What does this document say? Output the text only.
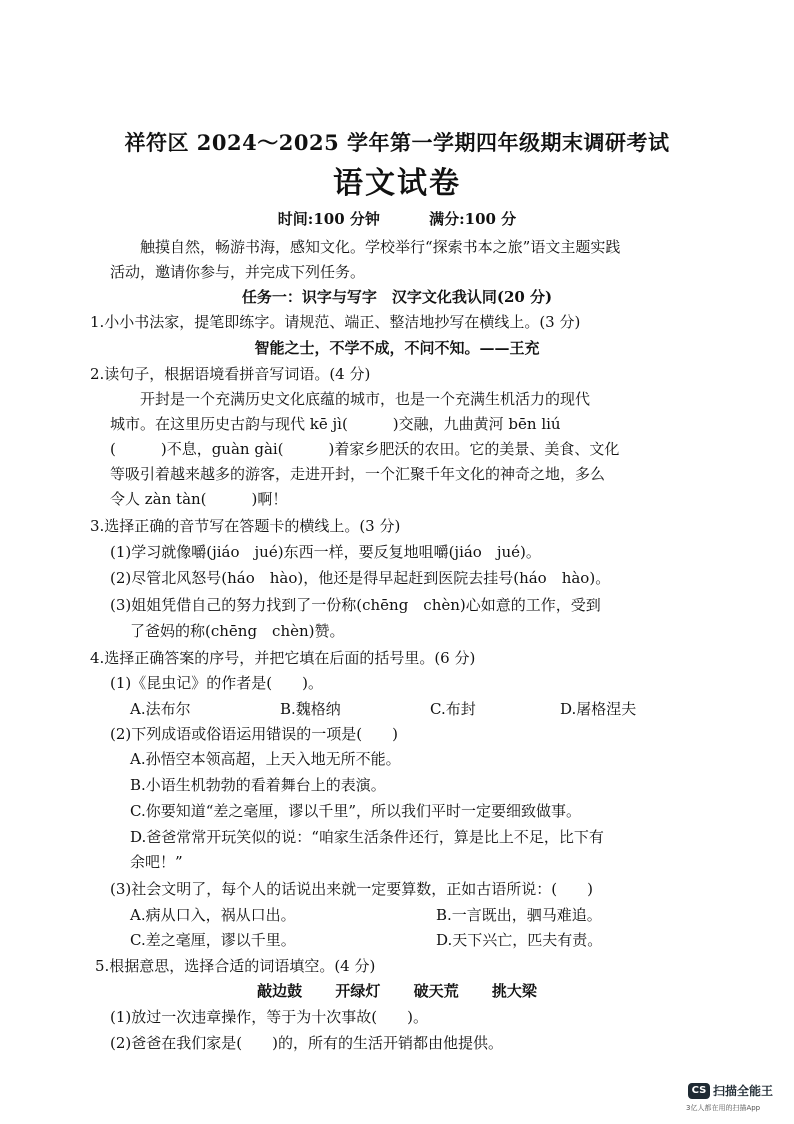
祥符区 2024～2025 学年第一学期四年级期末调研考试
语文试卷
时间:100 分钟	满分:100 分
触摸自然，畅游书海，感知文化。学校举行“探索书本之旅”语文主题实践
活动，邀请你参与，并完成下列任务。
任务一：识字与写字　汉字文化我认同(20 分)
1.小小书法家，提笔即练字。请规范、端正、整洁地抄写在横线上。(3 分)
智能之士，不学不成，不问不知。——王充
2.读句子，根据语境看拼音写词语。(4 分)
开封是一个充满历史文化底蕴的城市，也是一个充满生机活力的现代
城市。在这里历史古韵与现代 kē jì(　　　)交融，九曲黄河 bēn liú
(　　　)不息，guàn gài(　　　)着家乡肥沃的农田。它的美景、美食、文化
等吸引着越来越多的游客，走进开封，一个汇聚千年文化的神奇之地，多么
令人 zàn tàn(　　　)啊！
3.选择正确的音节写在答题卡的横线上。(3 分)
(1)学习就像嚼(jiáo　jué)东西一样，要反复地咀嚼(jiáo　jué)。
(2)尽管北风怒号(háo　hào)，他还是得早起赶到医院去挂号(háo　hào)。
(3)姐姐凭借自己的努力找到了一份称(chēng　chèn)心如意的工作，受到
了爸妈的称(chēng　chèn)赞。
4.选择正确答案的序号，并把它填在后面的括号里。(6 分)
(1)《昆虫记》的作者是(　　)。
A.法布尔	B.魏格纳	C.布封	D.屠格涅夫
(2)下列成语或俗语运用错误的一项是(　　)
A.孙悟空本领高超，上天入地无所不能。
B.小语生机勃勃的看着舞台上的表演。
C.你要知道“差之毫厘，谬以千里”，所以我们平时一定要细致做事。
D.爸爸常常开玩笑似的说：“咱家生活条件还行，算是比上不足，比下有
余吧！”
(3)社会文明了，每个人的话说出来就一定要算数，正如古语所说：(　　)
A.病从口入，祸从口出。	B.一言既出，驷马难追。
C.差之毫厘，谬以千里。	D.天下兴亡，匹夫有责。
5.根据意思，选择合适的词语填空。(4 分)
敲边鼓 开绿灯 破天荒 挑大梁
(1)放过一次违章操作，等于为十次事故(　　)。
(2)爸爸在我们家是(　　)的，所有的生活开销都由他提供。
CS 扫描全能王
3亿人都在用的扫描App
